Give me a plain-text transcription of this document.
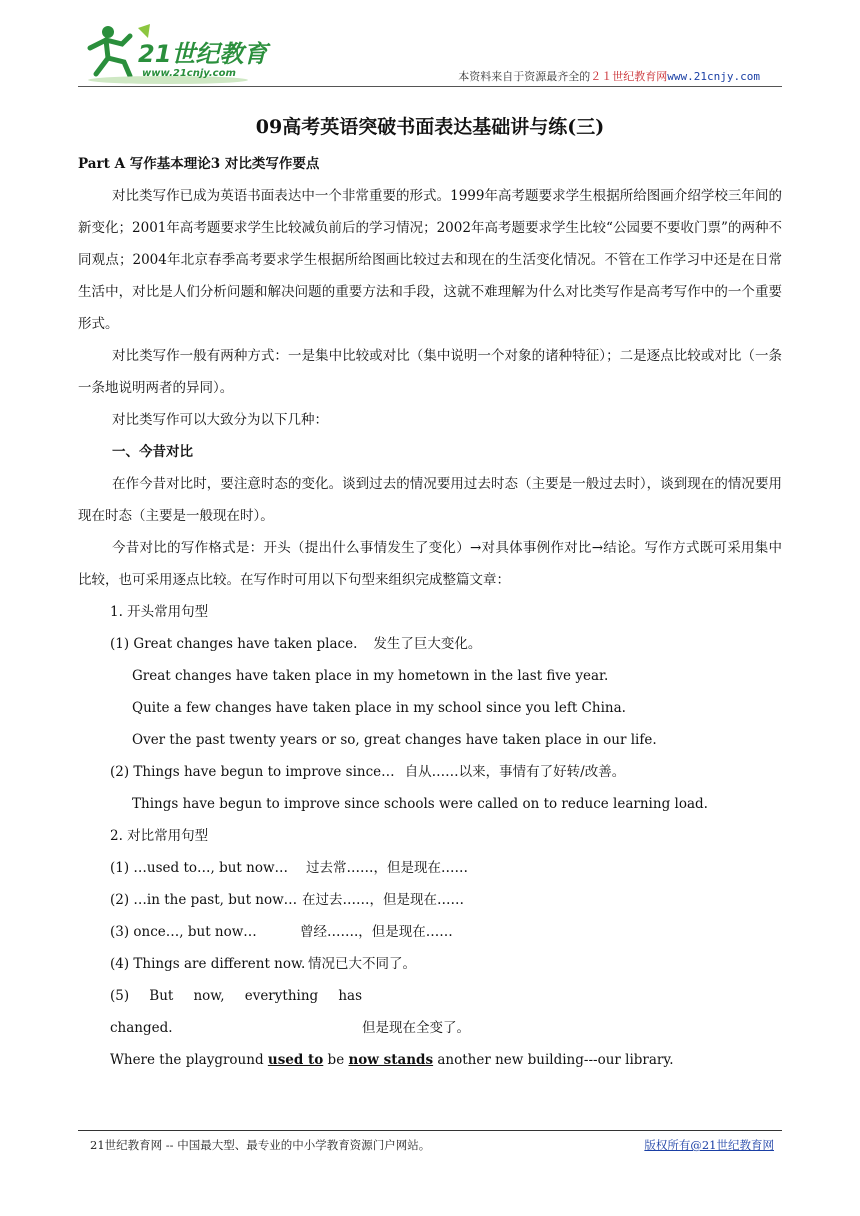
21世纪教育
www.21cnjy.com	本资料来自于资源最齐全的２１世纪教育网www.21cnjy.com
09高考英语突破书面表达基础讲与练(三)
Part A 写作基本理论3 对比类写作要点

对比类写作已成为英语书面表达中一个非常重要的形式。1999年高考题要求学生根据所给图画介绍学校三年间的新变化；2001年高考题要求学生比较减负前后的学习情况；2002年高考题要求学生比较“公园要不要收门票”的两种不同观点；2004年北京春季高考要求学生根据所给图画比较过去和现在的生活变化情况。不管在工作学习中还是在日常生活中，对比是人们分析问题和解决问题的重要方法和手段，这就不难理解为什么对比类写作是高考写作中的一个重要形式。

对比类写作一般有两种方式：一是集中比较或对比（集中说明一个对象的诸种特征）；二是逐点比较或对比（一条一条地说明两者的异同）。

对比类写作可以大致分为以下几种：

一、今昔对比

在作今昔对比时，要注意时态的变化。谈到过去的情况要用过去时态（主要是一般过去时），谈到现在的情况要用现在时态（主要是一般现在时）。

今昔对比的写作格式是：开头（提出什么事情发生了变化）→对具体事例作对比→结论。写作方式既可采用集中比较，也可采用逐点比较。在写作时可用以下句型来组织完成整篇文章：

1. 开头常用句型

(1) Great changes have taken place. 发生了巨大变化。

Great changes have taken place in my hometown in the last five year.

Quite a few changes have taken place in my school since you left China.

Over the past twenty years or so, great changes have taken place in our life.

(2) Things have begun to improve since… 自从……以来，事情有了好转/改善。

Things have begun to improve since schools were called on to reduce learning load.

2. 对比常用句型

(1) …used to…, but now… 过去常……，但是现在……

(2) …in the past, but now… 在过去……，但是现在……

(3) once…, but now…	曾经…….，但是现在……

(4) Things are different now. 情况已大不同了。

(5) But now, everything has changed.	但是现在全变了。

Where the playground used to be now stands another new building---our library.

21世纪教育网 -- 中国最大型、最专业的中小学教育资源门户网站。	版权所有@21世纪教育网
